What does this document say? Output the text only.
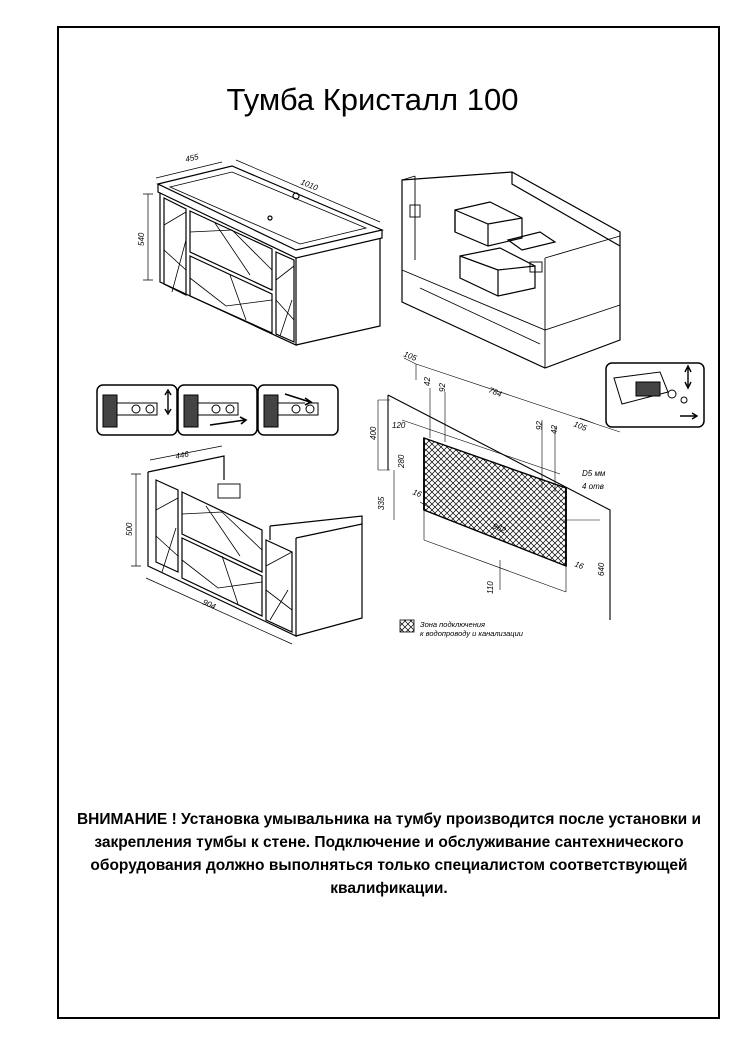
Тумба Кристалл 100
455
1010
540
105
42
92	784
92 42 105
400
120
280
335
16
962
16
110
640
D5 мм
4 отв
Зона подключения
к водопроводу и канализации
446
500
904
ВНИМАНИЕ ! Установка умывальника на тумбу производится после установки и закрепления тумбы к стене. Подключение и обслуживание сантехнического оборудования должно выполняться только специалистом соответствующей квалификации.
